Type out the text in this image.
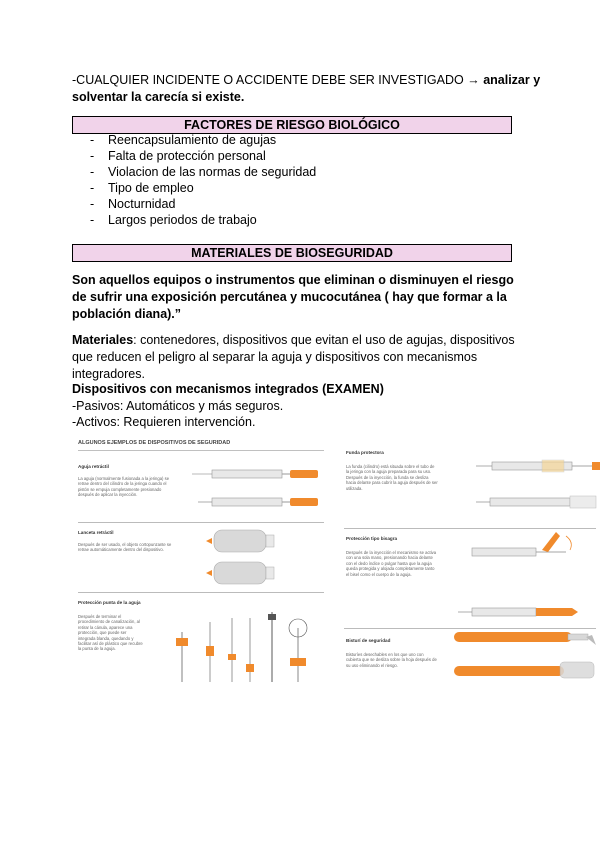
-CUALQUIER INCIDENTE O ACCIDENTE DEBE SER INVESTIGADO → analizar y
solventar la carecía si existe.
FACTORES DE RIESGO BIOLÓGICO
- Reencapsulamiento de agujas
- Falta de protección personal
- Violacion de las normas de seguridad
- Tipo de empleo
- Nocturnidad
- Largos periodos de trabajo
MATERIALES DE BIOSEGURIDAD
Son aquellos equipos o instrumentos que eliminan o disminuyen el riesgo de sufrir una exposición percutánea y mucocutánea ( hay que formar a la población diana).”
Materiales: contenedores, dispositivos que evitan el uso de agujas, dispositivos que reducen el peligro al separar la aguja y dispositivos con mecanismos integradores.
Dispositivos con mecanismos integrados (EXAMEN)
-Pasivos: Automáticos y más seguros.
-Activos: Requieren intervención.
ALGUNOS EJEMPLOS DE DISPOSITIVOS DE SEGURIDAD
Aguja retráctil
La aguja (normalmente fusionada a la jeringa) se retrae dentro del cilindro de la jeringa cuando el pistón se empuja completamente presionado después de aplicar la inyección.
Lanceta retráctil
Después de ser usado, el objeto cortopunzante se retrae automáticamente dentro del dispositivo.
Protección punta de la aguja
Después de terminar el procedimiento de canalización, al retirar la cánula, aparece una protección, que puede ser integrada blanda, quedando y facilitar así de plástico que recubre la punta de la aguja.
Funda protectora
La funda (cilindro) está situada sobre el tubo de la jeringa con la aguja preparada para su uso. Después de la inyección, la funda se desliza hacia delante para cubrir la aguja después de ser utilizada.
Protección tipo bisagra
Después de la inyección el mecanismo se activa con una sola mano, presionando hacia delante con el dedo índice o pulgar hasta que la aguja queda protegida y alojada completamente tanto el bisel como el cuerpo de la aguja.
Bisturí de seguridad
Bisturíes desechables en los que uno con cubierta que se desliza sobre la hoja después de su uso eliminando el riesgo.
